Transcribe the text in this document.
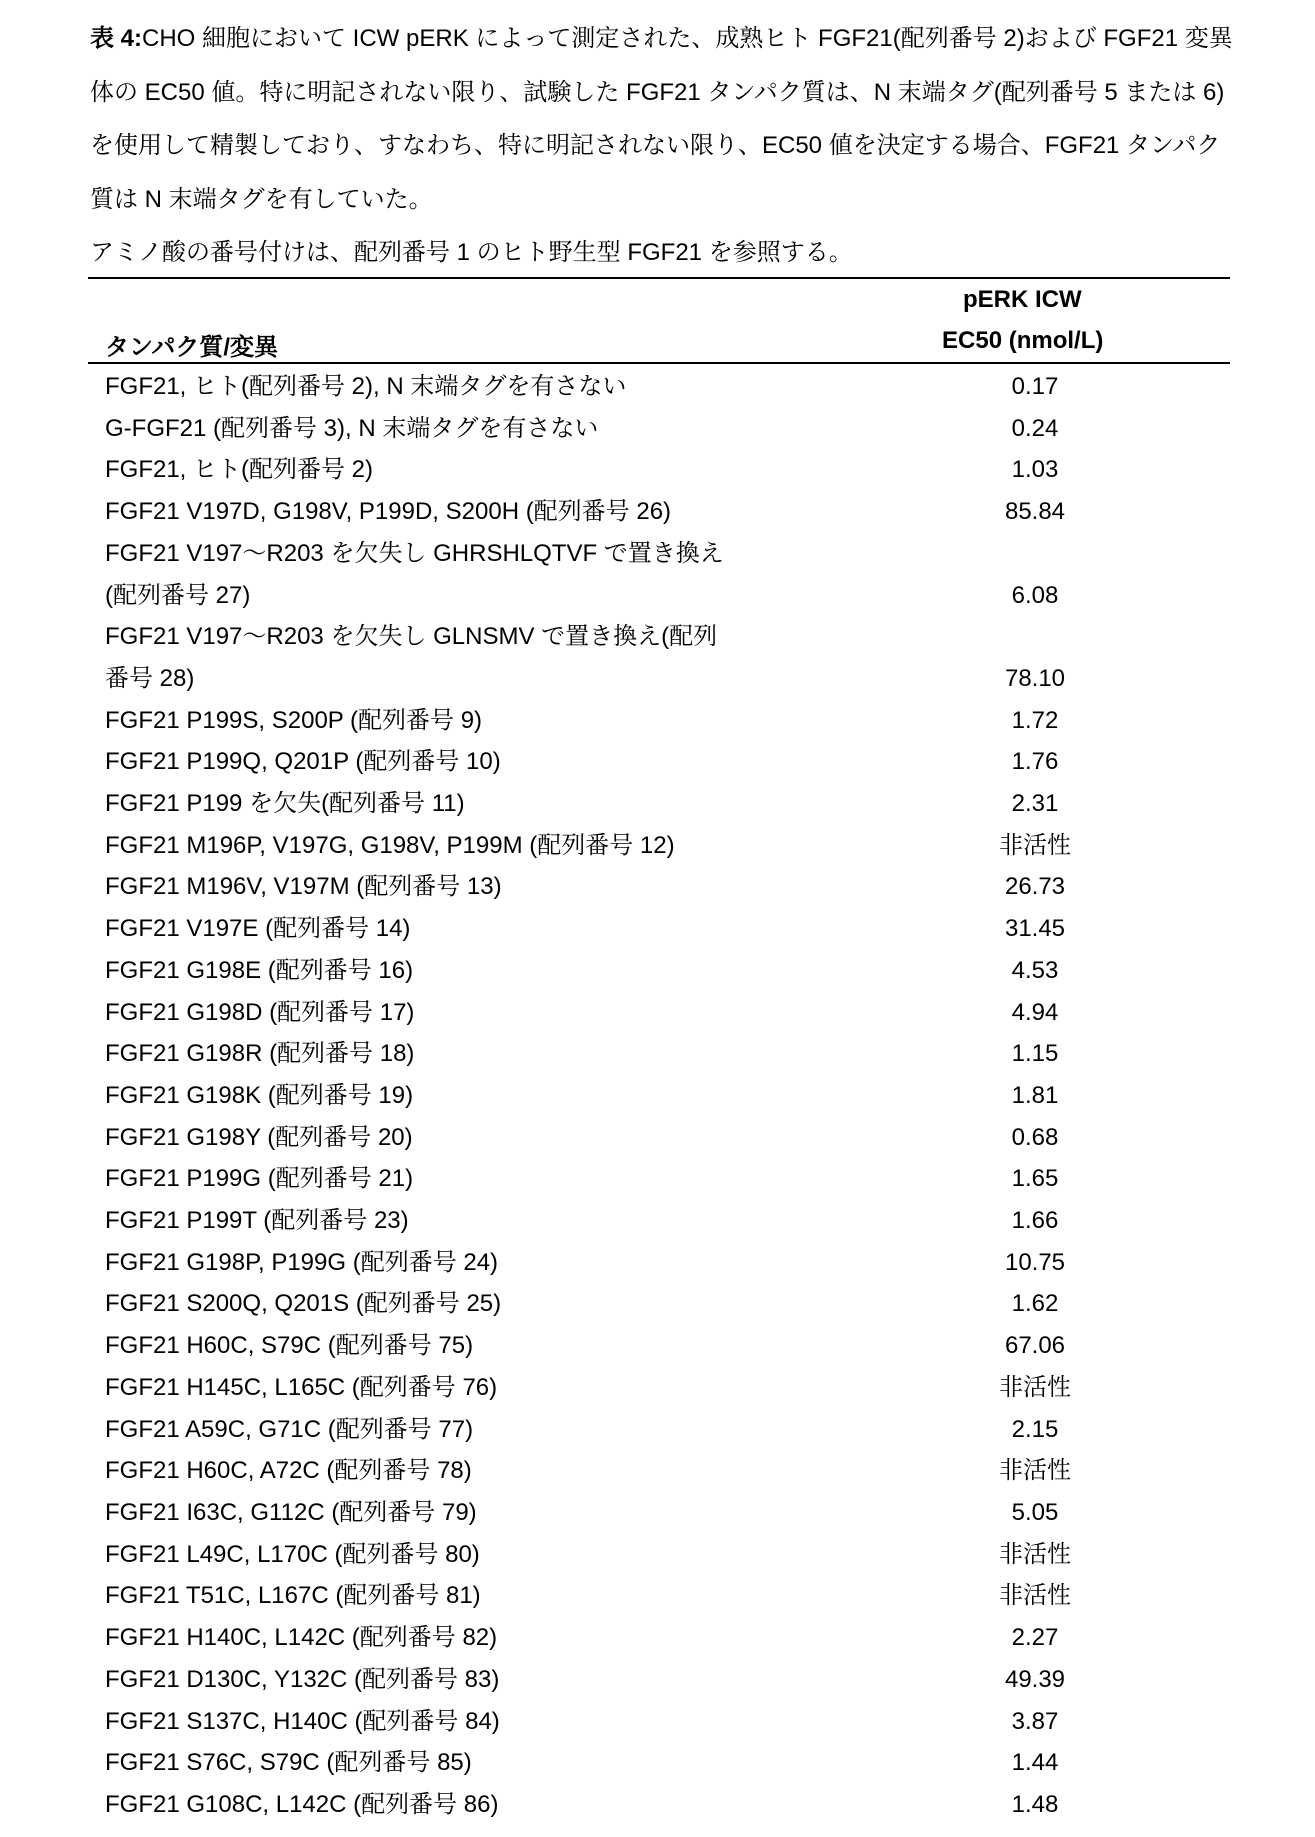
表 4:CHO 細胞において ICW pERK によって測定された、成熟ヒト FGF21(配列番号 2)および FGF21 変異体の EC50 値。特に明記されない限り、試験した FGF21 タンパク質は、N 末端タグ(配列番号 5 または 6)を使用して精製しており、すなわち、特に明記されない限り、EC50 値を決定する場合、FGF21 タンパク質は N 末端タグを有していた。
アミノ酸の番号付けは、配列番号 1 のヒト野生型 FGF21 を参照する。
pERK ICW
タンパク質/変異	EC50 (nmol/L)
FGF21, ヒト(配列番号 2), N 末端タグを有さない	0.17
G-FGF21 (配列番号 3), N 末端タグを有さない	0.24
FGF21, ヒト(配列番号 2)	1.03
FGF21 V197D, G198V, P199D, S200H (配列番号 26)	85.84
FGF21 V197〜R203 を欠失し GHRSHLQTVF で置き換え
(配列番号 27)	6.08
FGF21 V197〜R203 を欠失し GLNSMV で置き換え(配列
番号 28)	78.10
FGF21 P199S, S200P (配列番号 9)	1.72
FGF21 P199Q, Q201P (配列番号 10)	1.76
FGF21 P199 を欠失(配列番号 11)	2.31
FGF21 M196P, V197G, G198V, P199M (配列番号 12)	非活性
FGF21 M196V, V197M (配列番号 13)	26.73
FGF21 V197E (配列番号 14)	31.45
FGF21 G198E (配列番号 16)	4.53
FGF21 G198D (配列番号 17)	4.94
FGF21 G198R (配列番号 18)	1.15
FGF21 G198K (配列番号 19)	1.81
FGF21 G198Y (配列番号 20)	0.68
FGF21 P199G (配列番号 21)	1.65
FGF21 P199T (配列番号 23)	1.66
FGF21 G198P, P199G (配列番号 24)	10.75
FGF21 S200Q, Q201S (配列番号 25)	1.62
FGF21 H60C, S79C (配列番号 75)	67.06
FGF21 H145C, L165C (配列番号 76)	非活性
FGF21 A59C, G71C (配列番号 77)	2.15
FGF21 H60C, A72C (配列番号 78)	非活性
FGF21 I63C, G112C (配列番号 79)	5.05
FGF21 L49C, L170C (配列番号 80)	非活性
FGF21 T51C, L167C (配列番号 81)	非活性
FGF21 H140C, L142C (配列番号 82)	2.27
FGF21 D130C, Y132C (配列番号 83)	49.39
FGF21 S137C, H140C (配列番号 84)	3.87
FGF21 S76C, S79C (配列番号 85)	1.44
FGF21 G108C, L142C (配列番号 86)	1.48
